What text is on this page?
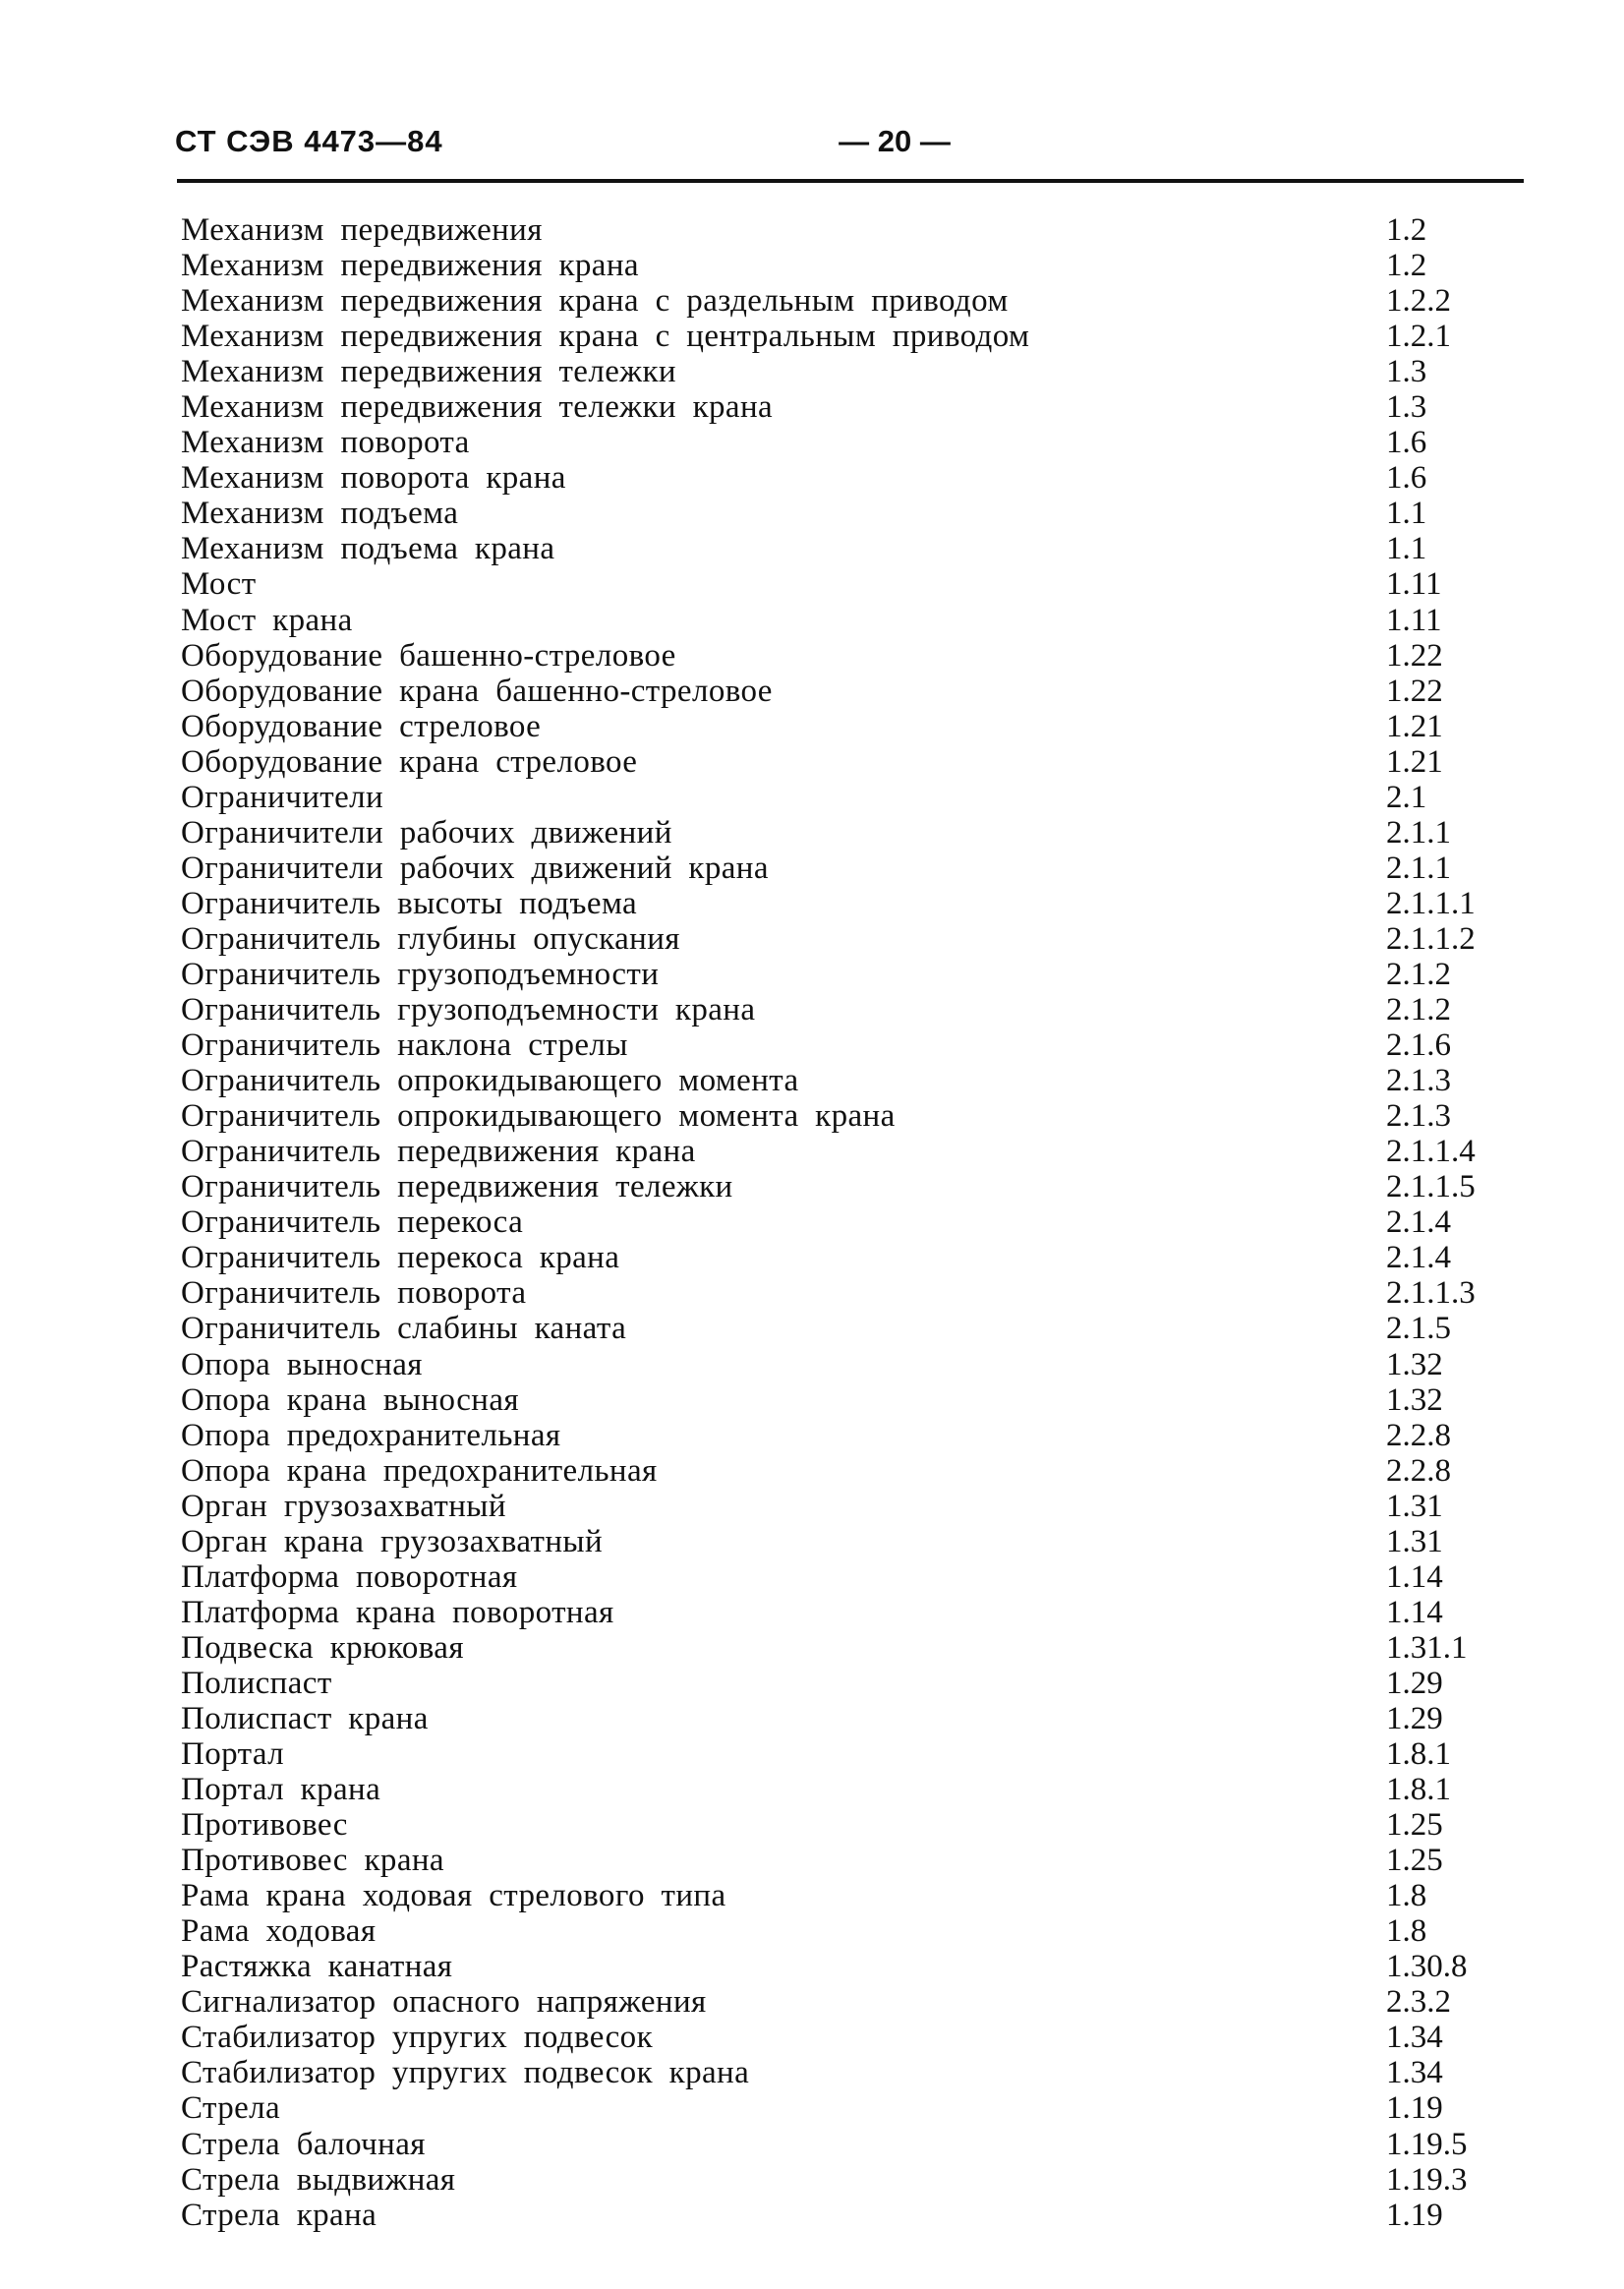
СТ СЭВ 4473—84	— 20 —
Механизм передвижения	1.2
Механизм передвижения крана	1.2
Механизм передвижения крана с раздельным приводом	1.2.2
Механизм передвижения крана с центральным приводом	1.2.1
Механизм передвижения тележки	1.3
Механизм передвижения тележки крана	1.3
Механизм поворота	1.6
Механизм поворота крана	1.6
Механизм подъема	1.1
Механизм подъема крана	1.1
Мост	1.11
Мост крана	1.11
Оборудование башенно-стреловое	1.22
Оборудование крана башенно-стреловое	1.22
Оборудование стреловое	1.21
Оборудование крана стреловое	1.21
Ограничители	2.1
Ограничители рабочих движений	2.1.1
Ограничители рабочих движений крана	2.1.1
Ограничитель высоты подъема	2.1.1.1
Ограничитель глубины опускания	2.1.1.2
Ограничитель грузоподъемности	2.1.2
Ограничитель грузоподъемности крана	2.1.2
Ограничитель наклона стрелы	2.1.6
Ограничитель опрокидывающего момента	2.1.3
Ограничитель опрокидывающего момента крана	2.1.3
Ограничитель передвижения крана	2.1.1.4
Ограничитель передвижения тележки	2.1.1.5
Ограничитель перекоса	2.1.4
Ограничитель перекоса крана	2.1.4
Ограничитель поворота	2.1.1.3
Ограничитель слабины каната	2.1.5
Опора выносная	1.32
Опора крана выносная	1.32
Опора предохранительная	2.2.8
Опора крана предохранительная	2.2.8
Орган грузозахватный	1.31
Орган крана грузозахватный	1.31
Платформа поворотная	1.14
Платформа крана поворотная	1.14
Подвеска крюковая	1.31.1
Полиспаст	1.29
Полиспаст крана	1.29
Портал	1.8.1
Портал крана	1.8.1
Противовес	1.25
Противовес крана	1.25
Рама крана ходовая стрелового типа	1.8
Рама ходовая	1.8
Растяжка канатная	1.30.8
Сигнализатор опасного напряжения	2.3.2
Стабилизатор упругих подвесок	1.34
Стабилизатор упругих подвесок крана	1.34
Стрела	1.19
Стрела балочная	1.19.5
Стрела выдвижная	1.19.3
Стрела крана	1.19
